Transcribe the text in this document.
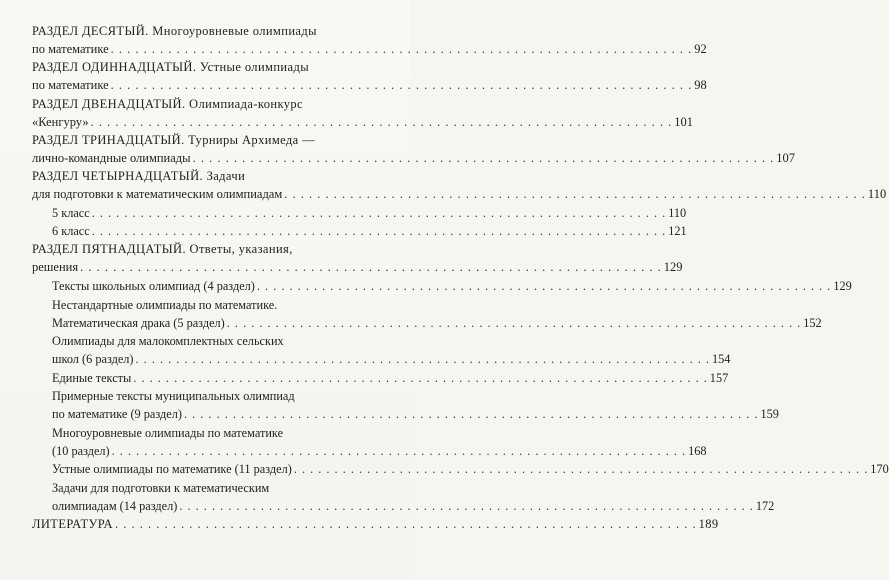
РАЗДЕЛ ДЕСЯТЫЙ. Многоуровневые олимпиады
по математике . . . . . . . . . . . . . . . . . . . . . . . . . . . . . . . . . . . . . . . . . . . . . . . . . . . . . . . . . . . . . . . . . . . . . . . 92
РАЗДЕЛ ОДИННАДЦАТЫЙ. Устные олимпиады
по математике . . . . . . . . . . . . . . . . . . . . . . . . . . . . . . . . . . . . . . . . . . . . . . . . . . . . . . . . . . . . . . . . . . . . . . . 98
РАЗДЕЛ ДВЕНАДЦАТЫЙ. Олимпиада-конкурс
«Кенгуру» . . . . . . . . . . . . . . . . . . . . . . . . . . . . . . . . . . . . . . . . . . . . . . . . . . . . . . . . . . . . . . . . . . . . . . . 101
РАЗДЕЛ ТРИНАДЦАТЫЙ. Турниры Архимеда —
лично-командные олимпиады . . . . . . . . . . . . . . . . . . . . . . . . . . . . . . . . . . . . . . . . . . . . . . . . . . . . . . . . . . . . . . . . . . . . . . . 107
РАЗДЕЛ ЧЕТЫРНАДЦАТЫЙ. Задачи
для подготовки к математическим олимпиадам . . . . . . . . . . . . . . . . . . . . . . . . . . . . . . . . . . . . . . . . . . . . . . . . . . . . . . . . . . . . . . . . . . . . . . . 110
5 класс . . . . . . . . . . . . . . . . . . . . . . . . . . . . . . . . . . . . . . . . . . . . . . . . . . . . . . . . . . . . . . . . . . . . . . . 110
6 класс . . . . . . . . . . . . . . . . . . . . . . . . . . . . . . . . . . . . . . . . . . . . . . . . . . . . . . . . . . . . . . . . . . . . . . . 121
РАЗДЕЛ ПЯТНАДЦАТЫЙ. Ответы, указания,
решения . . . . . . . . . . . . . . . . . . . . . . . . . . . . . . . . . . . . . . . . . . . . . . . . . . . . . . . . . . . . . . . . . . . . . . . 129
Тексты школьных олимпиад (4 раздел) . . . . . . . . . . . . . . . . . . . . . . . . . . . . . . . . . . . . . . . . . . . . . . . . . . . . . . . . . . . . . . . . . . . . . . . 129
Нестандартные олимпиады по математике.
Математическая драка (5 раздел) . . . . . . . . . . . . . . . . . . . . . . . . . . . . . . . . . . . . . . . . . . . . . . . . . . . . . . . . . . . . . . . . . . . . . . . 152
Олимпиады для малокомплектных сельских
школ (6 раздел) . . . . . . . . . . . . . . . . . . . . . . . . . . . . . . . . . . . . . . . . . . . . . . . . . . . . . . . . . . . . . . . . . . . . . . . 154
Единые тексты . . . . . . . . . . . . . . . . . . . . . . . . . . . . . . . . . . . . . . . . . . . . . . . . . . . . . . . . . . . . . . . . . . . . . . . 157
Примерные тексты муниципальных олимпиад
по математике (9 раздел) . . . . . . . . . . . . . . . . . . . . . . . . . . . . . . . . . . . . . . . . . . . . . . . . . . . . . . . . . . . . . . . . . . . . . . . 159
Многоуровневые олимпиады по математике
(10 раздел) . . . . . . . . . . . . . . . . . . . . . . . . . . . . . . . . . . . . . . . . . . . . . . . . . . . . . . . . . . . . . . . . . . . . . . . 168
Устные олимпиады по математике (11 раздел) . . . . . . . . . . . . . . . . . . . . . . . . . . . . . . . . . . . . . . . . . . . . . . . . . . . . . . . . . . . . . . . . . . . . . . . 170
Задачи для подготовки к математическим
олимпиадам (14 раздел) . . . . . . . . . . . . . . . . . . . . . . . . . . . . . . . . . . . . . . . . . . . . . . . . . . . . . . . . . . . . . . . . . . . . . . . 172
ЛИТЕРАТУРА . . . . . . . . . . . . . . . . . . . . . . . . . . . . . . . . . . . . . . . . . . . . . . . . . . . . . . . . . . . . . . . . . . . . . . . 189
